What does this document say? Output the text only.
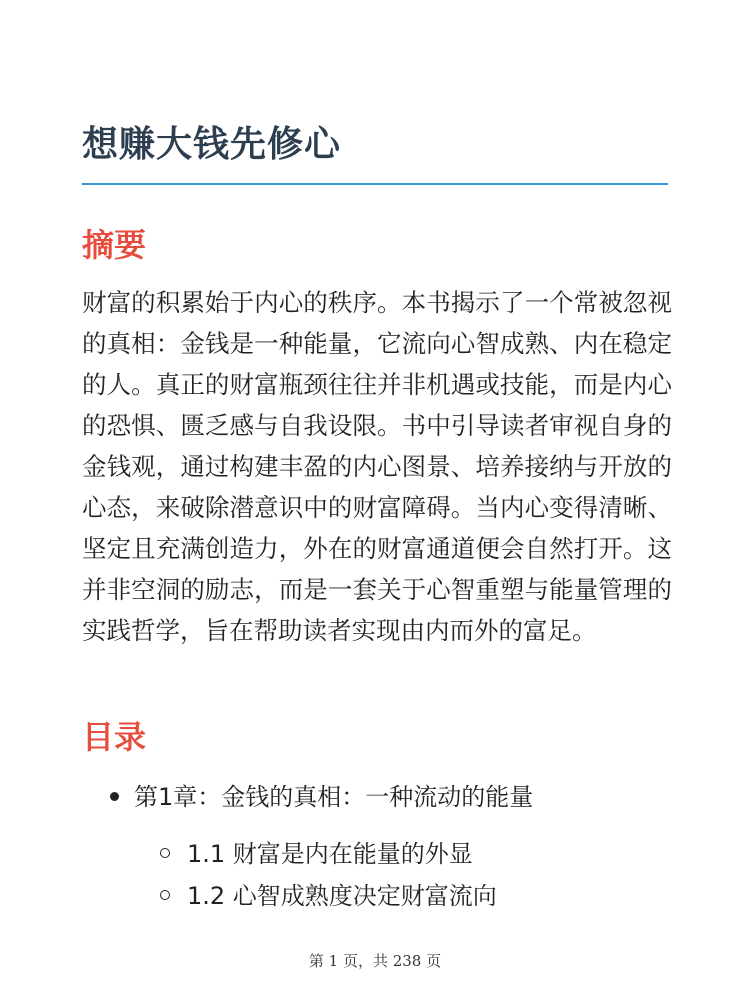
想赚大钱先修心
摘要

财富的积累始于内心的秩序。本书揭示了一个常被忽视的真相：金钱是一种能量，它流向心智成熟、内在稳定的人。真正的财富瓶颈往往并非机遇或技能，而是内心的恐惧、匮乏感与自我设限。书中引导读者审视自身的金钱观，通过构建丰盈的内心图景、培养接纳与开放的心态，来破除潜意识中的财富障碍。当内心变得清晰、坚定且充满创造力，外在的财富通道便会自然打开。这并非空洞的励志，而是一套关于心智重塑与能量管理的实践哲学，旨在帮助读者实现由内而外的富足。

目录
第1章：金钱的真相：一种流动的能量
1.1 财富是内在能量的外显
1.2 心智成熟度决定财富流向
第 1 页，共 238 页
